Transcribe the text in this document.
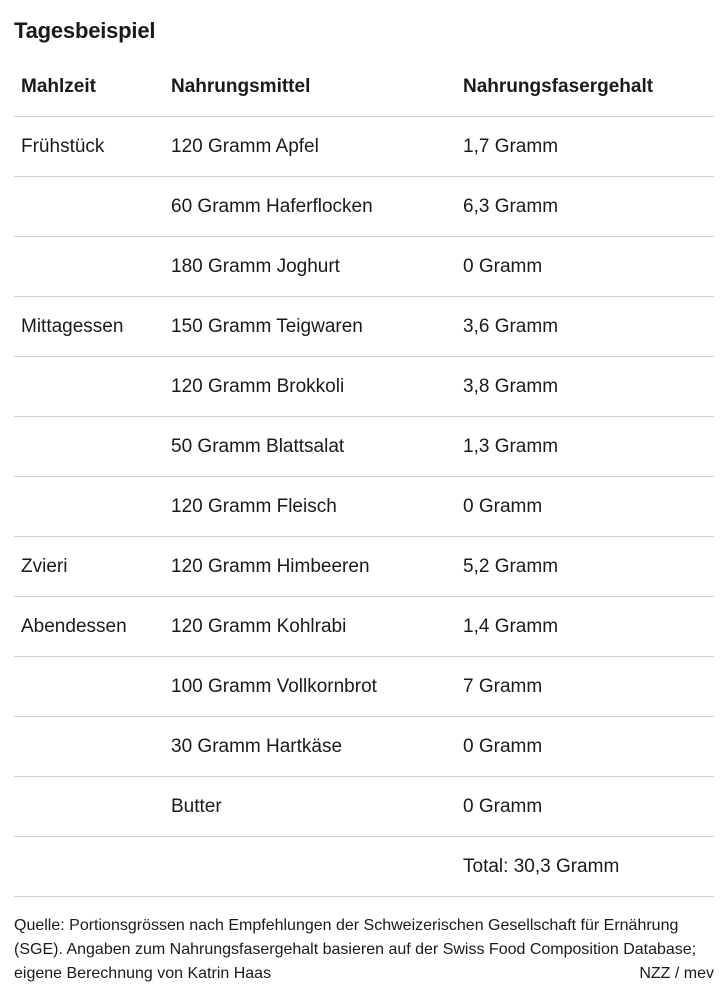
Tagesbeispiel
Mahlzeit	Nahrungsmittel	Nahrungsfasergehalt
Frühstück	120 Gramm Apfel	1,7 Gramm
	60 Gramm Haferflocken	6,3 Gramm
	180 Gramm Joghurt	0 Gramm
Mittagessen	150 Gramm Teigwaren	3,6 Gramm
	120 Gramm Brokkoli	3,8 Gramm
	50 Gramm Blattsalat	1,3 Gramm
	120 Gramm Fleisch	0 Gramm
Zvieri	120 Gramm Himbeeren	5,2 Gramm
Abendessen	120 Gramm Kohlrabi	1,4 Gramm
	100 Gramm Vollkornbrot	7 Gramm
	30 Gramm Hartkäse	0 Gramm
	Butter	0 Gramm
		Total: 30,3 Gramm
Quelle: Portionsgrössen nach Empfehlungen der Schweizerischen Gesellschaft für Ernährung (SGE). Angaben zum Nahrungsfasergehalt basieren auf der Swiss Food Composition Database; eigene Berechnung von Katrin Haas	NZZ / mev
